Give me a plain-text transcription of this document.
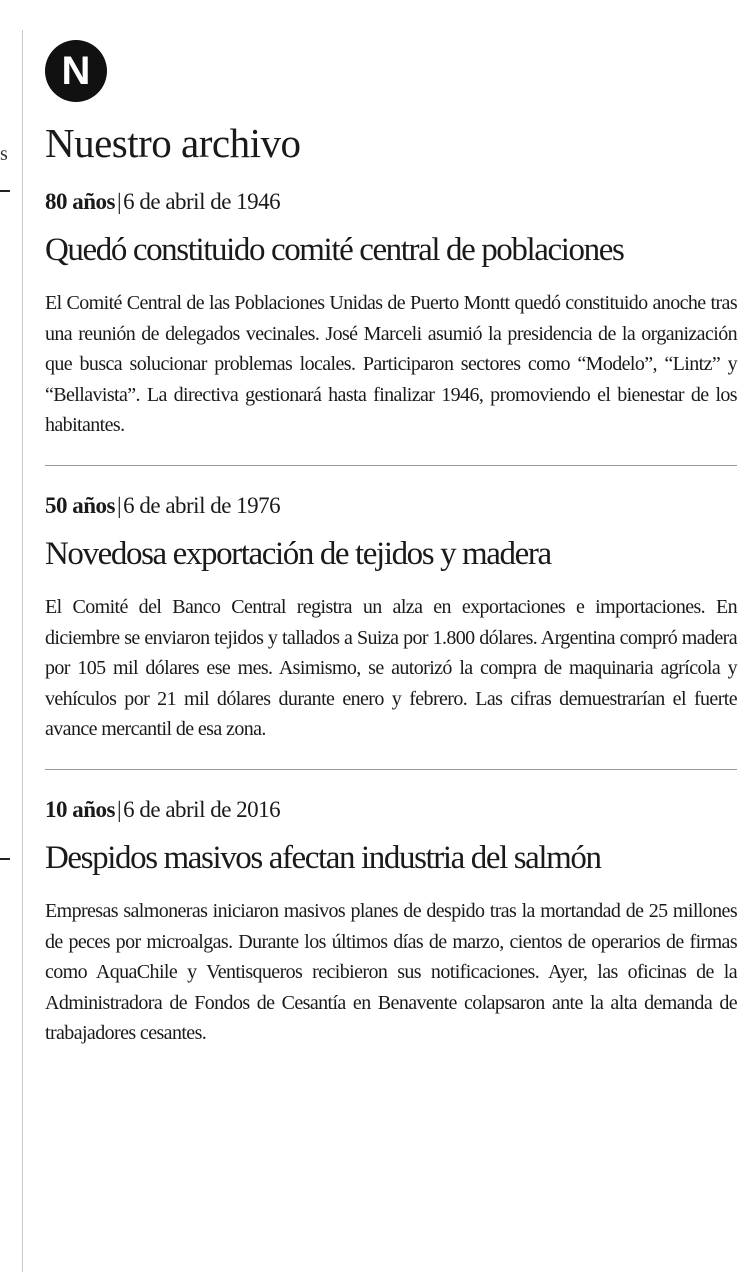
s
N
Nuestro archivo
80 años|6 de abril de 1946
Quedó constituido comité central de poblaciones

El Comité Central de las Poblaciones Unidas de Puerto Montt quedó constituido anoche tras una reunión de delegados vecinales. José Marceli asumió la presidencia de la organización que busca solucionar problemas locales. Participaron sectores como “Modelo”, “Lintz” y “Bellavista”. La directiva gestionará hasta finalizar 1946, promoviendo el bienestar de los habitantes.

50 años|6 de abril de 1976
Novedosa exportación de tejidos y madera

El Comité del Banco Central registra un alza en exportaciones e importaciones. En diciembre se enviaron tejidos y tallados a Suiza por 1.800 dólares. Argentina compró madera por 105 mil dólares ese mes. Asimismo, se autorizó la compra de maquinaria agrícola y vehículos por 21 mil dólares durante enero y febrero. Las cifras demuestrarían el fuerte avance mercantil de esa zona.

10 años|6 de abril de 2016
Despidos masivos afectan industria del salmón

Empresas salmoneras iniciaron masivos planes de despido tras la mortandad de 25 millones de peces por microalgas. Durante los últimos días de marzo, cientos de operarios de firmas como AquaChile y Ventisqueros recibieron sus notificaciones. Ayer, las oficinas de la Administradora de Fondos de Cesantía en Benavente colapsaron ante la alta demanda de trabajadores cesantes.
